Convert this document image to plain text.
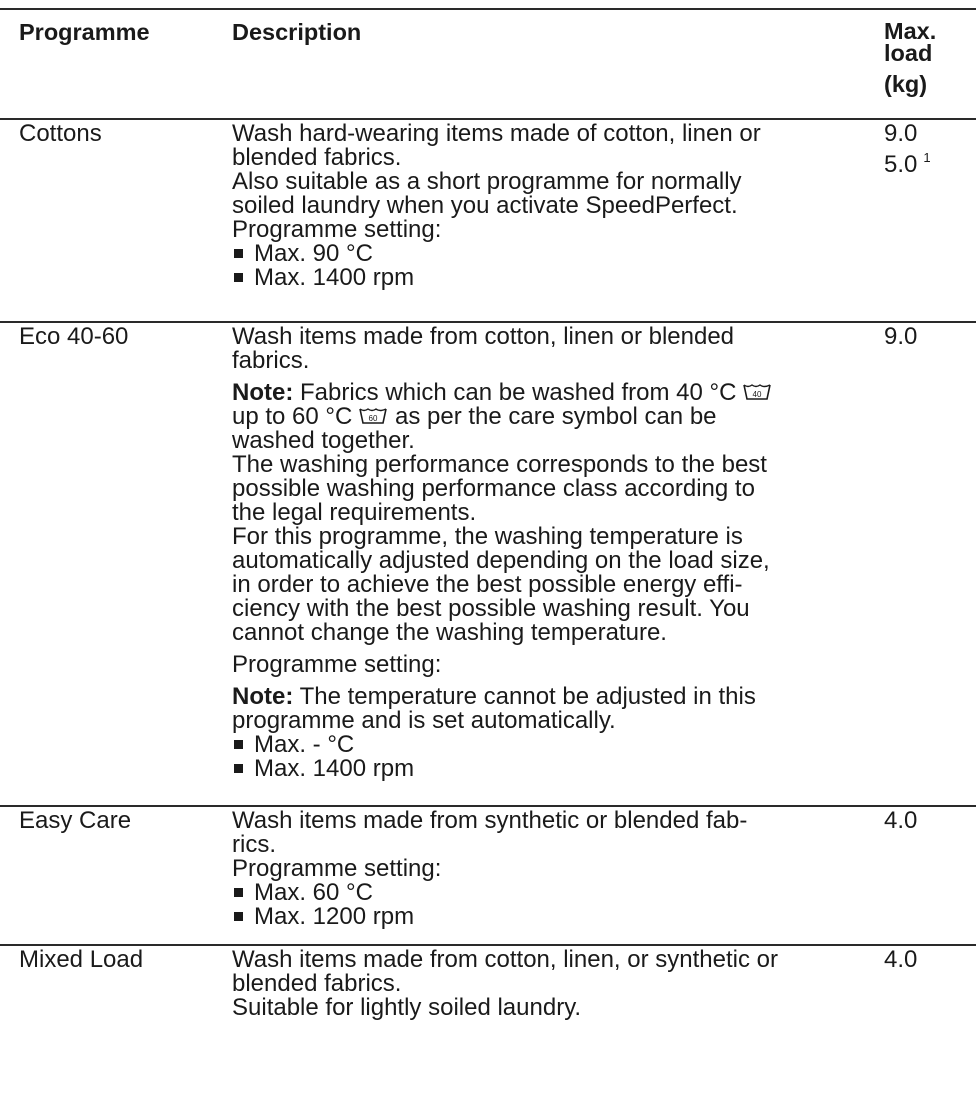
Programme	Description	Max.
load
(kg)
Cottons	Wash hard-wearing items made of cotton, linen or
blended fabrics.
Also suitable as a short programme for normally
soiled laundry when you activate SpeedPerfect.
Programme setting:
Max. 90 °C
Max. 1400 rpm
9.0
5.0 $^1$
Eco 40-60	Wash items made from cotton, linen or blended
fabrics.
Note: Fabrics which can be washed from 40 °C 40
up to 60 °C 60 as per the care symbol can be
washed together.
The washing performance corresponds to the best
possible washing performance class according to
the legal requirements.
For this programme, the washing temperature is
automatically adjusted depending on the load size,
in order to achieve the best possible energy effi-
ciency with the best possible washing result. You
cannot change the washing temperature.
Programme setting:
Note: The temperature cannot be adjusted in this
programme and is set automatically.
Max. - °C
Max. 1400 rpm
9.0
Easy Care	Wash items made from synthetic or blended fab-
rics.
Programme setting:
Max. 60 °C
Max. 1200 rpm
4.0
Mixed Load	Wash items made from cotton, linen, or synthetic or
blended fabrics.
Suitable for lightly soiled laundry.
4.0
